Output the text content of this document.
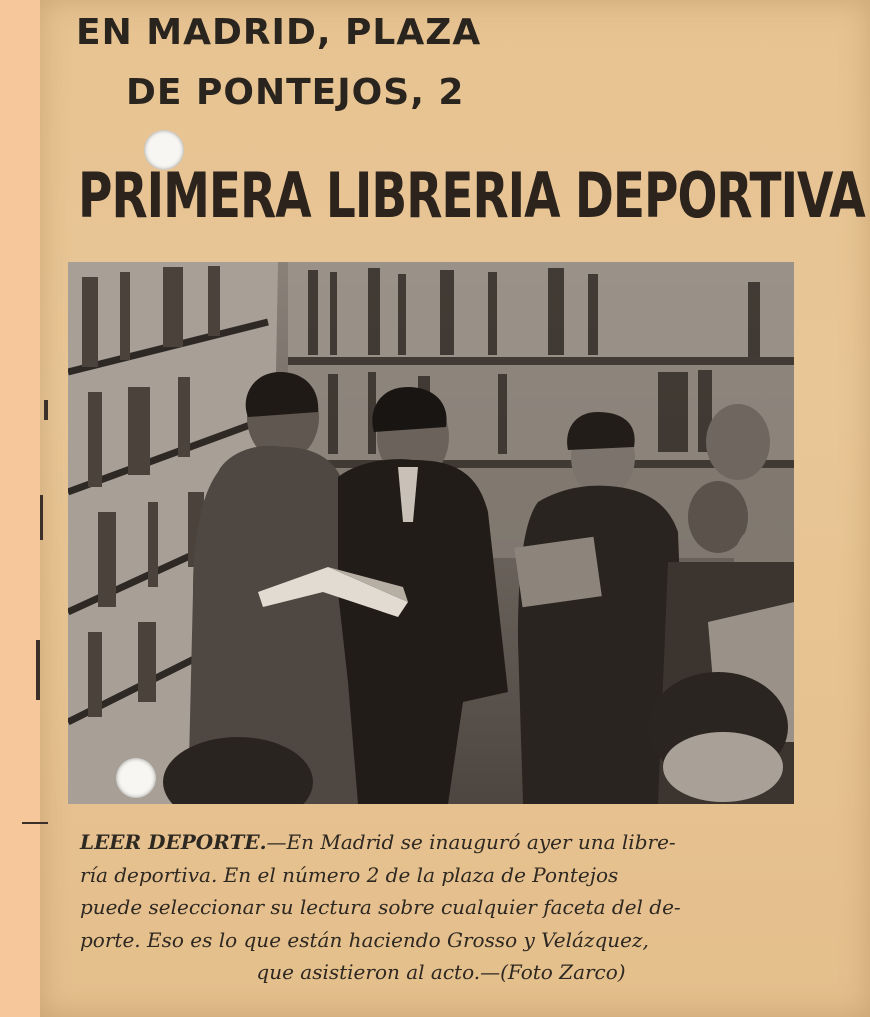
EN MADRID, PLAZA
DE PONTEJOS, 2
PRIMERA LIBRERIA DEPORTIVA
LEER DEPORTE.—En Madrid se inauguró ayer una libre-
ría deportiva. En el número 2 de la plaza de Pontejos
puede seleccionar su lectura sobre cualquier faceta del de-
porte. Eso es lo que están haciendo Grosso y Velázquez,
que asistieron al acto.—(Foto Zarco)
